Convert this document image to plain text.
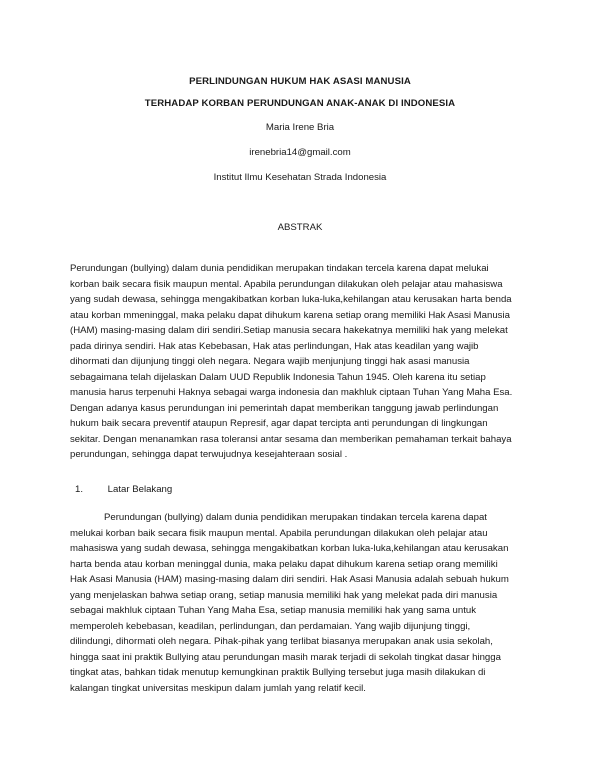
PERLINDUNGAN HUKUM HAK ASASI MANUSIA
TERHADAP KORBAN PERUNDUNGAN ANAK-ANAK DI INDONESIA
Maria Irene Bria
irenebria14@gmail.com
Institut Ilmu Kesehatan Strada Indonesia
ABSTRAK
Perundungan (bullying) dalam dunia pendidikan merupakan tindakan tercela karena dapat melukai
korban baik secara fisik maupun mental. Apabila perundungan dilakukan oleh pelajar atau mahasiswa
yang sudah dewasa, sehingga mengakibatkan korban luka-luka,kehilangan atau kerusakan harta benda
atau korban mmeninggal, maka pelaku dapat dihukum karena setiap orang memiliki Hak Asasi Manusia
(HAM) masing-masing dalam diri sendiri.Setiap manusia secara hakekatnya memiliki hak yang melekat
pada dirinya sendiri. Hak atas Kebebasan, Hak atas perlindungan, Hak atas keadilan yang wajib
dihormati dan dijunjung tinggi oleh negara. Negara wajib menjunjung tinggi hak asasi manusia
sebagaimana telah dijelaskan Dalam UUD Republik Indonesia Tahun 1945. Oleh karena itu setiap
manusia harus terpenuhi Haknya sebagai warga indonesia dan makhluk ciptaan Tuhan Yang Maha Esa.
Dengan adanya kasus perundungan ini pemerintah dapat memberikan tanggung jawab perlindungan
hukum baik secara preventif ataupun Represif, agar dapat tercipta anti perundungan di lingkungan
sekitar. Dengan menanamkan rasa toleransi antar sesama dan memberikan pemahaman terkait bahaya
perundungan, sehingga dapat terwujudnya kesejahteraan sosial .
1.	Latar Belakang
Perundungan (bullying) dalam dunia pendidikan merupakan tindakan tercela karena dapat
melukai korban baik secara fisik maupun mental. Apabila perundungan dilakukan oleh pelajar atau
mahasiswa yang sudah dewasa, sehingga mengakibatkan korban luka-luka,kehilangan atau kerusakan
harta benda atau korban meninggal dunia, maka pelaku dapat dihukum karena setiap orang memiliki
Hak Asasi Manusia (HAM) masing-masing dalam diri sendiri. Hak Asasi Manusia adalah sebuah hukum
yang menjelaskan bahwa setiap orang, setiap manusia memiliki hak yang melekat pada diri manusia
sebagai makhluk ciptaan Tuhan Yang Maha Esa, setiap manusia memiliki hak yang sama untuk
memperoleh kebebasan, keadilan, perlindungan, dan perdamaian. Yang wajib dijunjung tinggi,
dilindungi, dihormati oleh negara. Pihak-pihak yang terlibat biasanya merupakan anak usia sekolah,
hingga saat ini praktik Bullying atau perundungan masih marak terjadi di sekolah tingkat dasar hingga
tingkat atas, bahkan tidak menutup kemungkinan praktik Bullying tersebut juga masih dilakukan di
kalangan tingkat universitas meskipun dalam jumlah yang relatif kecil.
